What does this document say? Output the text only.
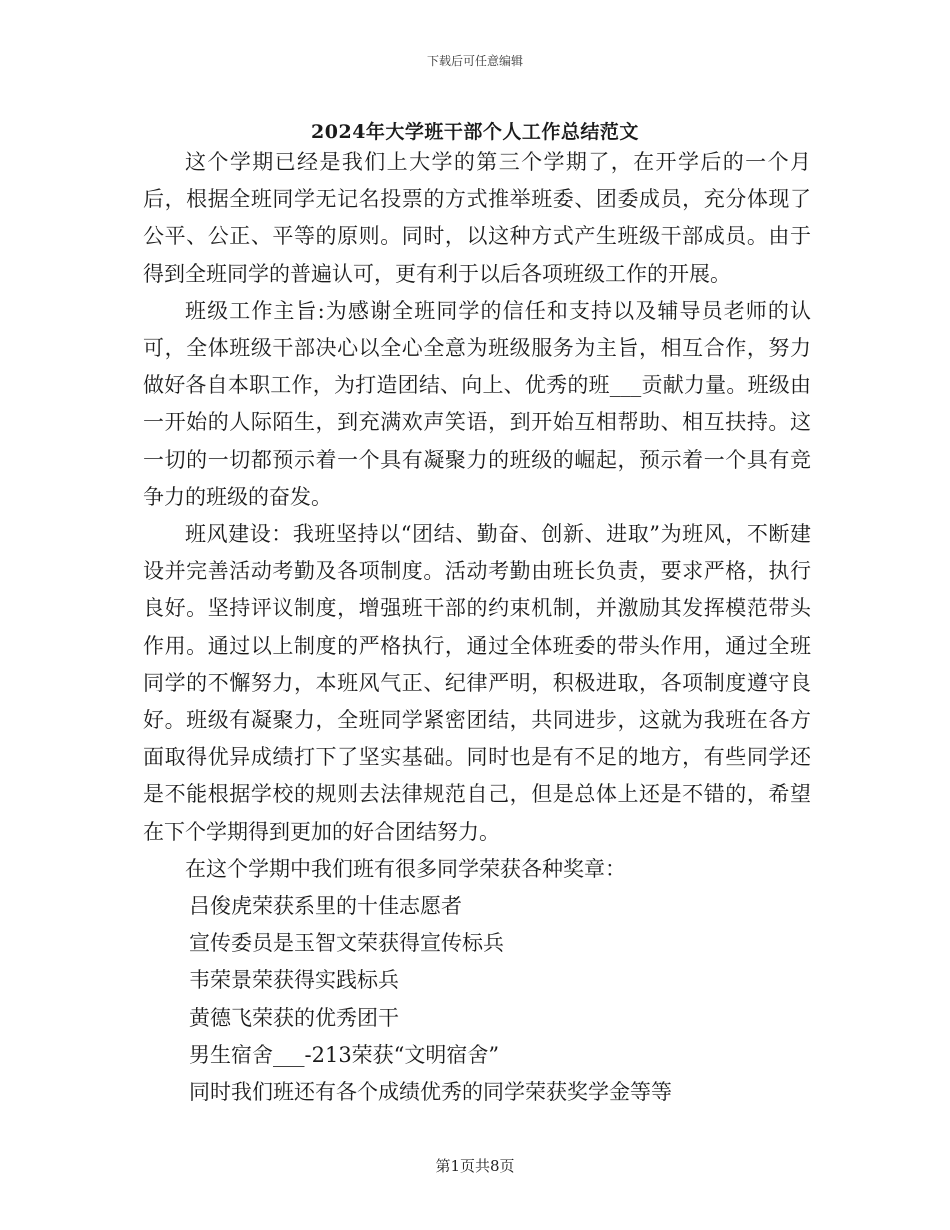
下载后可任意编辑
2024年大学班干部个人工作总结范文

这个学期已经是我们上大学的第三个学期了，在开学后的一个月后，根据全班同学无记名投票的方式推举班委、团委成员，充分体现了公平、公正、平等的原则。同时，以这种方式产生班级干部成员。由于得到全班同学的普遍认可，更有利于以后各项班级工作的开展。

班级工作主旨:为感谢全班同学的信任和支持以及辅导员老师的认可，全体班级干部决心以全心全意为班级服务为主旨，相互合作，努力做好各自本职工作，为打造团结、向上、优秀的班___贡献力量。班级由一开始的人际陌生，到充满欢声笑语，到开始互相帮助、相互扶持。这一切的一切都预示着一个具有凝聚力的班级的崛起，预示着一个具有竞争力的班级的奋发。

班风建设：我班坚持以“团结、勤奋、创新、进取”为班风，不断建设并完善活动考勤及各项制度。活动考勤由班长负责，要求严格，执行良好。坚持评议制度，增强班干部的约束机制，并激励其发挥模范带头作用。通过以上制度的严格执行，通过全体班委的带头作用，通过全班同学的不懈努力，本班风气正、纪律严明，积极进取，各项制度遵守良好。班级有凝聚力，全班同学紧密团结，共同进步，这就为我班在各方面取得优异成绩打下了坚实基础。同时也是有不足的地方，有些同学还是不能根据学校的规则去法律规范自己，但是总体上还是不错的，希望在下个学期得到更加的好合团结努力。

在这个学期中我们班有很多同学荣获各种奖章：

吕俊虎荣获系里的十佳志愿者
宣传委员是玉智文荣获得宣传标兵
韦荣景荣获得实践标兵
黄德飞荣获的优秀团干
男生宿舍___-213荣获“文明宿舍”
同时我们班还有各个成绩优秀的同学荣获奖学金等等
第1页共8页
